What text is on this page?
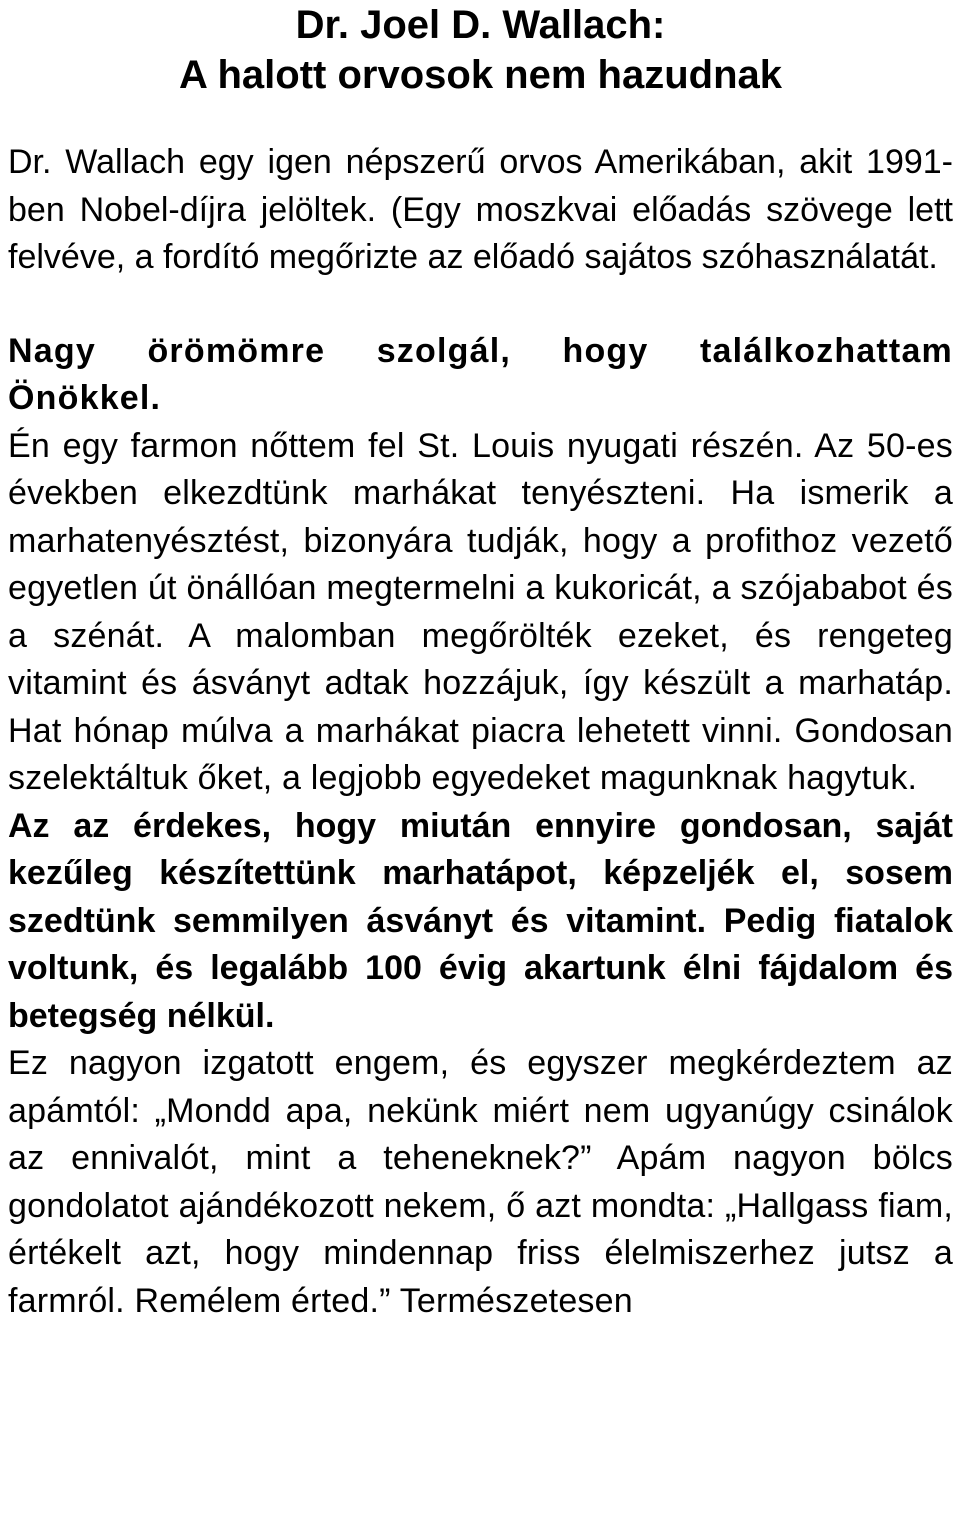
Dr. Joel D. Wallach:
A halott orvosok nem hazudnak

Dr. Wallach egy igen népszerű orvos Amerikában, akit 1991-ben Nobel-díjra jelöltek. (Egy moszkvai előadás szövege lett felvéve, a fordító megőrizte az előadó sajátos szóhasználatát.

Nagy örömömre szolgál, hogy találkozhattam Önökkel.

Én egy farmon nőttem fel St. Louis nyugati részén. Az 50-es években elkezdtünk marhákat tenyészteni. Ha ismerik a marhatenyésztést, bizonyára tudják, hogy a profithoz vezető egyetlen út önállóan megtermelni a kukoricát, a szójababot és a szénát. A malomban megőrölték ezeket, és rengeteg vitamint és ásványt adtak hozzájuk, így készült a marhatáp. Hat hónap múlva a marhákat piacra lehetett vinni. Gondosan szelektáltuk őket, a legjobb egyedeket magunknak hagytuk.

Az az érdekes, hogy miután ennyire gondosan, saját kezűleg készítettünk marhatápot, képzeljék el, sosem szedtünk semmilyen ásványt és vitamint. Pedig fiatalok voltunk, és legalább 100 évig akartunk élni fájdalom és betegség nélkül.

Ez nagyon izgatott engem, és egyszer megkérdeztem az apámtól: „Mondd apa, nekünk miért nem ugyanúgy csinálok az ennivalót, mint a teheneknek?” Apám nagyon bölcs gondolatot ajándékozott nekem, ő azt mondta: „Hallgass fiam, értékelt azt, hogy mindennap friss élelmiszerhez jutsz a farmról. Remélem érted.” Természetesen
